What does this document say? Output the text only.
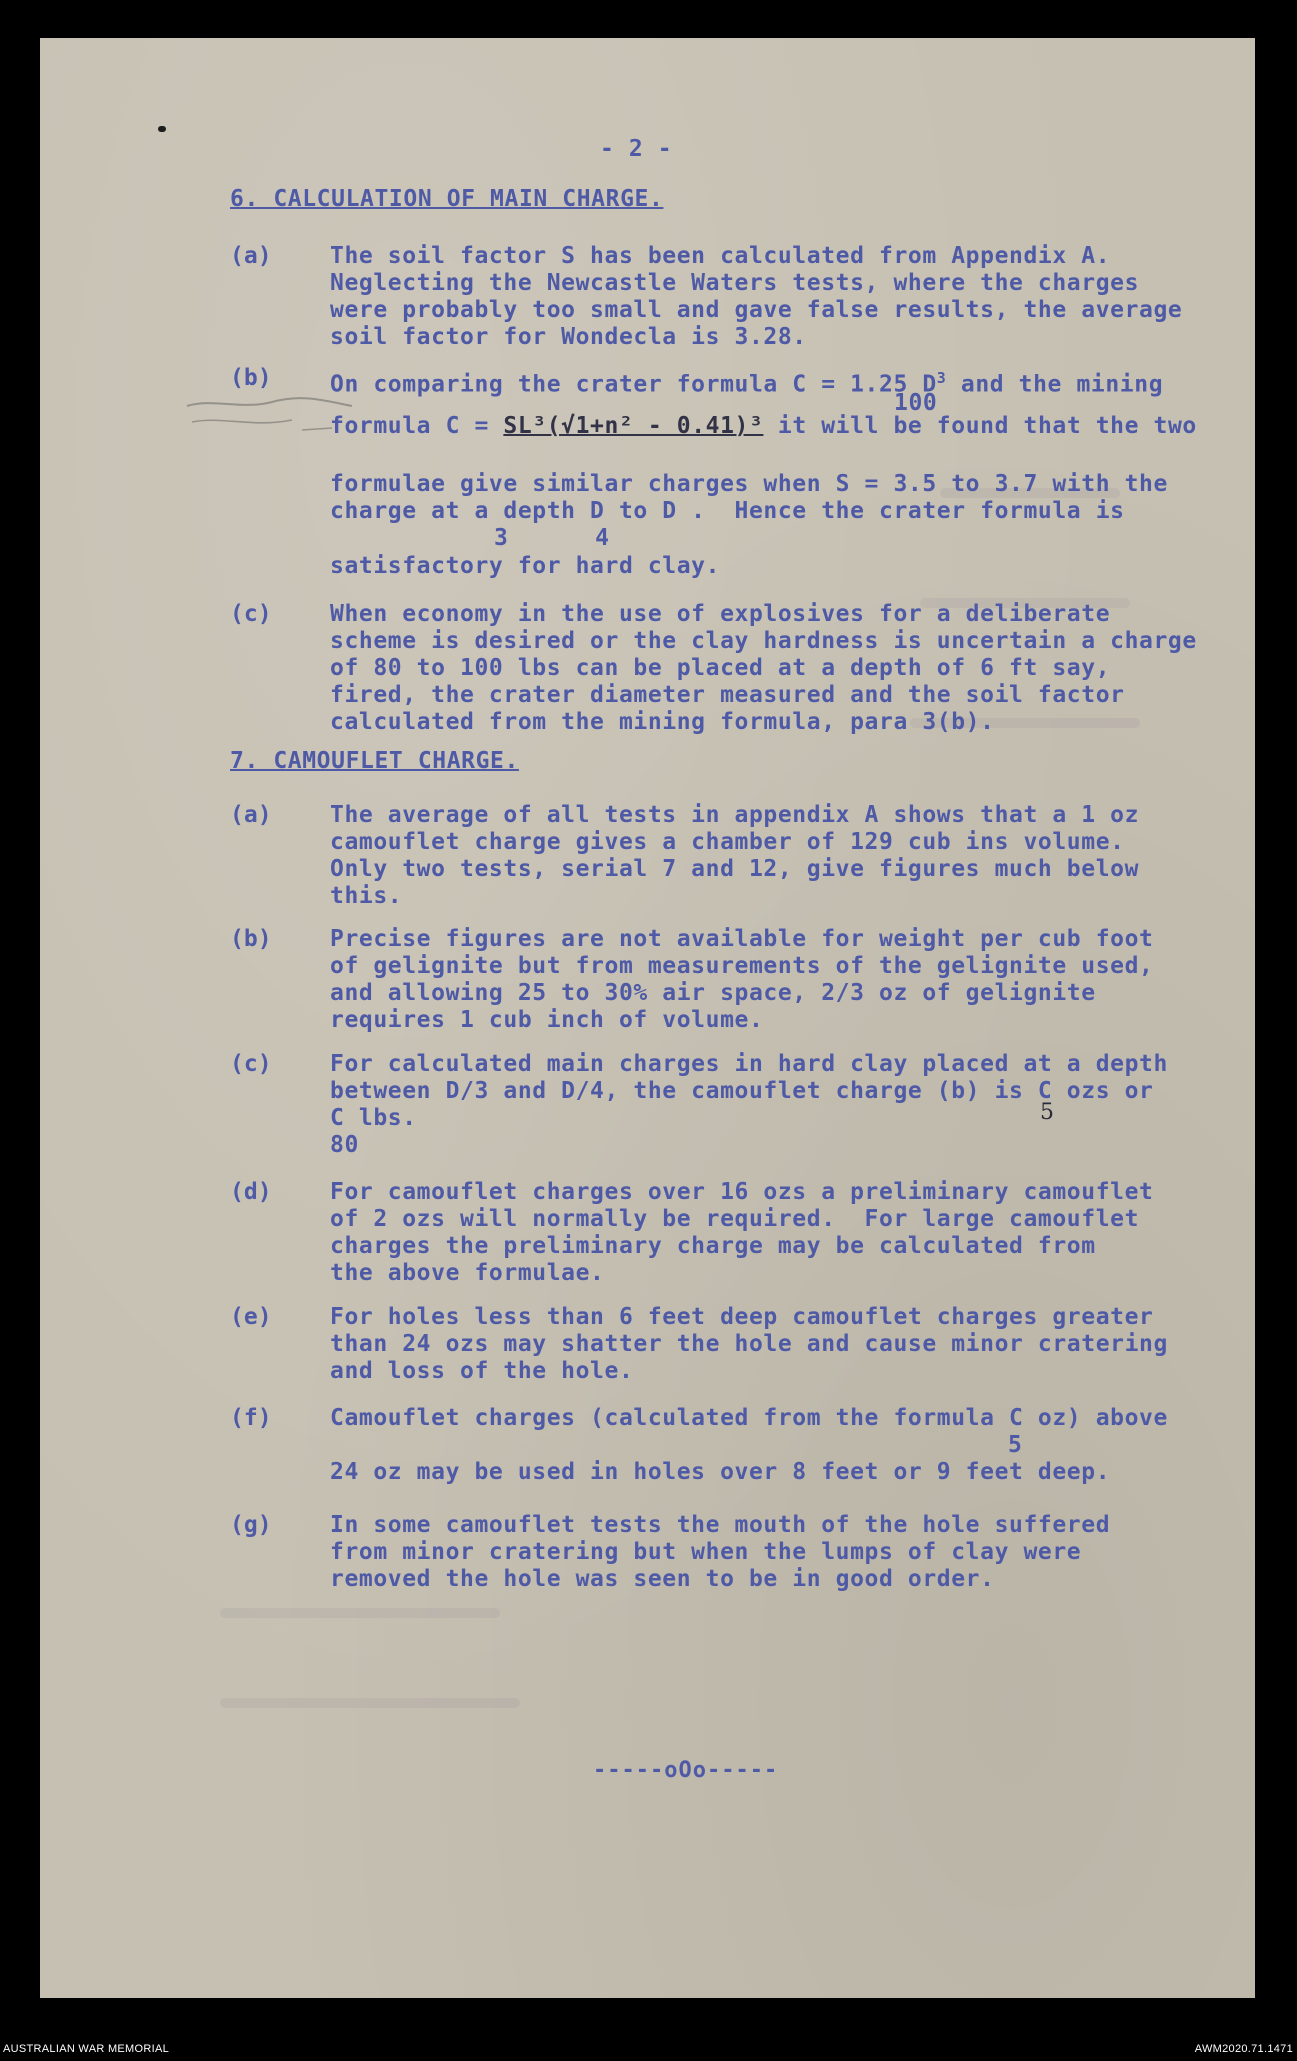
- 2 -
6. CALCULATION OF MAIN CHARGE.
(a)	The soil factor S has been calculated from Appendix A.
Neglecting the Newcastle Waters tests, where the charges
were probably too small and gave false results, the average
soil factor for Wondecla is 3.28.
(b)	On comparing the crater formula C = 1.25 $D^3$ and the mining
100
formula C = SL³(√1+n² - 0.41)³ it will be found that the two
formulae give similar charges when S = 3.5 to 3.7 with the
charge at a depth D to D .  Hence the crater formula is
3      4
satisfactory for hard clay.
(c)	When economy in the use of explosives for a deliberate
scheme is desired or the clay hardness is uncertain a charge
of 80 to 100 lbs can be placed at a depth of 6 ft say,
fired, the crater diameter measured and the soil factor
calculated from the mining formula, para 3(b).
7. CAMOUFLET CHARGE.
(a)	The average of all tests in appendix A shows that a 1 oz
camouflet charge gives a chamber of 129 cub ins volume.
Only two tests, serial 7 and 12, give figures much below
this.
(b)	Precise figures are not available for weight per cub foot
of gelignite but from measurements of the gelignite used,
and allowing 25 to 30% air space, 2/3 oz of gelignite
requires 1 cub inch of volume.
(c)	For calculated main charges in hard clay placed at a depth
between D/3 and D/4, the camouflet charge (b) is C ozs or
C lbs.
80
5
(d)	For camouflet charges over 16 ozs a preliminary camouflet
of 2 ozs will normally be required.  For large camouflet
charges the preliminary charge may be calculated from
the above formulae.
(e)	For holes less than 6 feet deep camouflet charges greater
than 24 ozs may shatter the hole and cause minor cratering
and loss of the hole.
(f)	Camouflet charges (calculated from the formula C oz) above
5
24 oz may be used in holes over 8 feet or 9 feet deep.
(g)	In some camouflet tests the mouth of the hole suffered
from minor cratering but when the lumps of clay were
removed the hole was seen to be in good order.
-----oOo-----
AUSTRALIAN WAR MEMORIAL	AWM2020.71.1471
